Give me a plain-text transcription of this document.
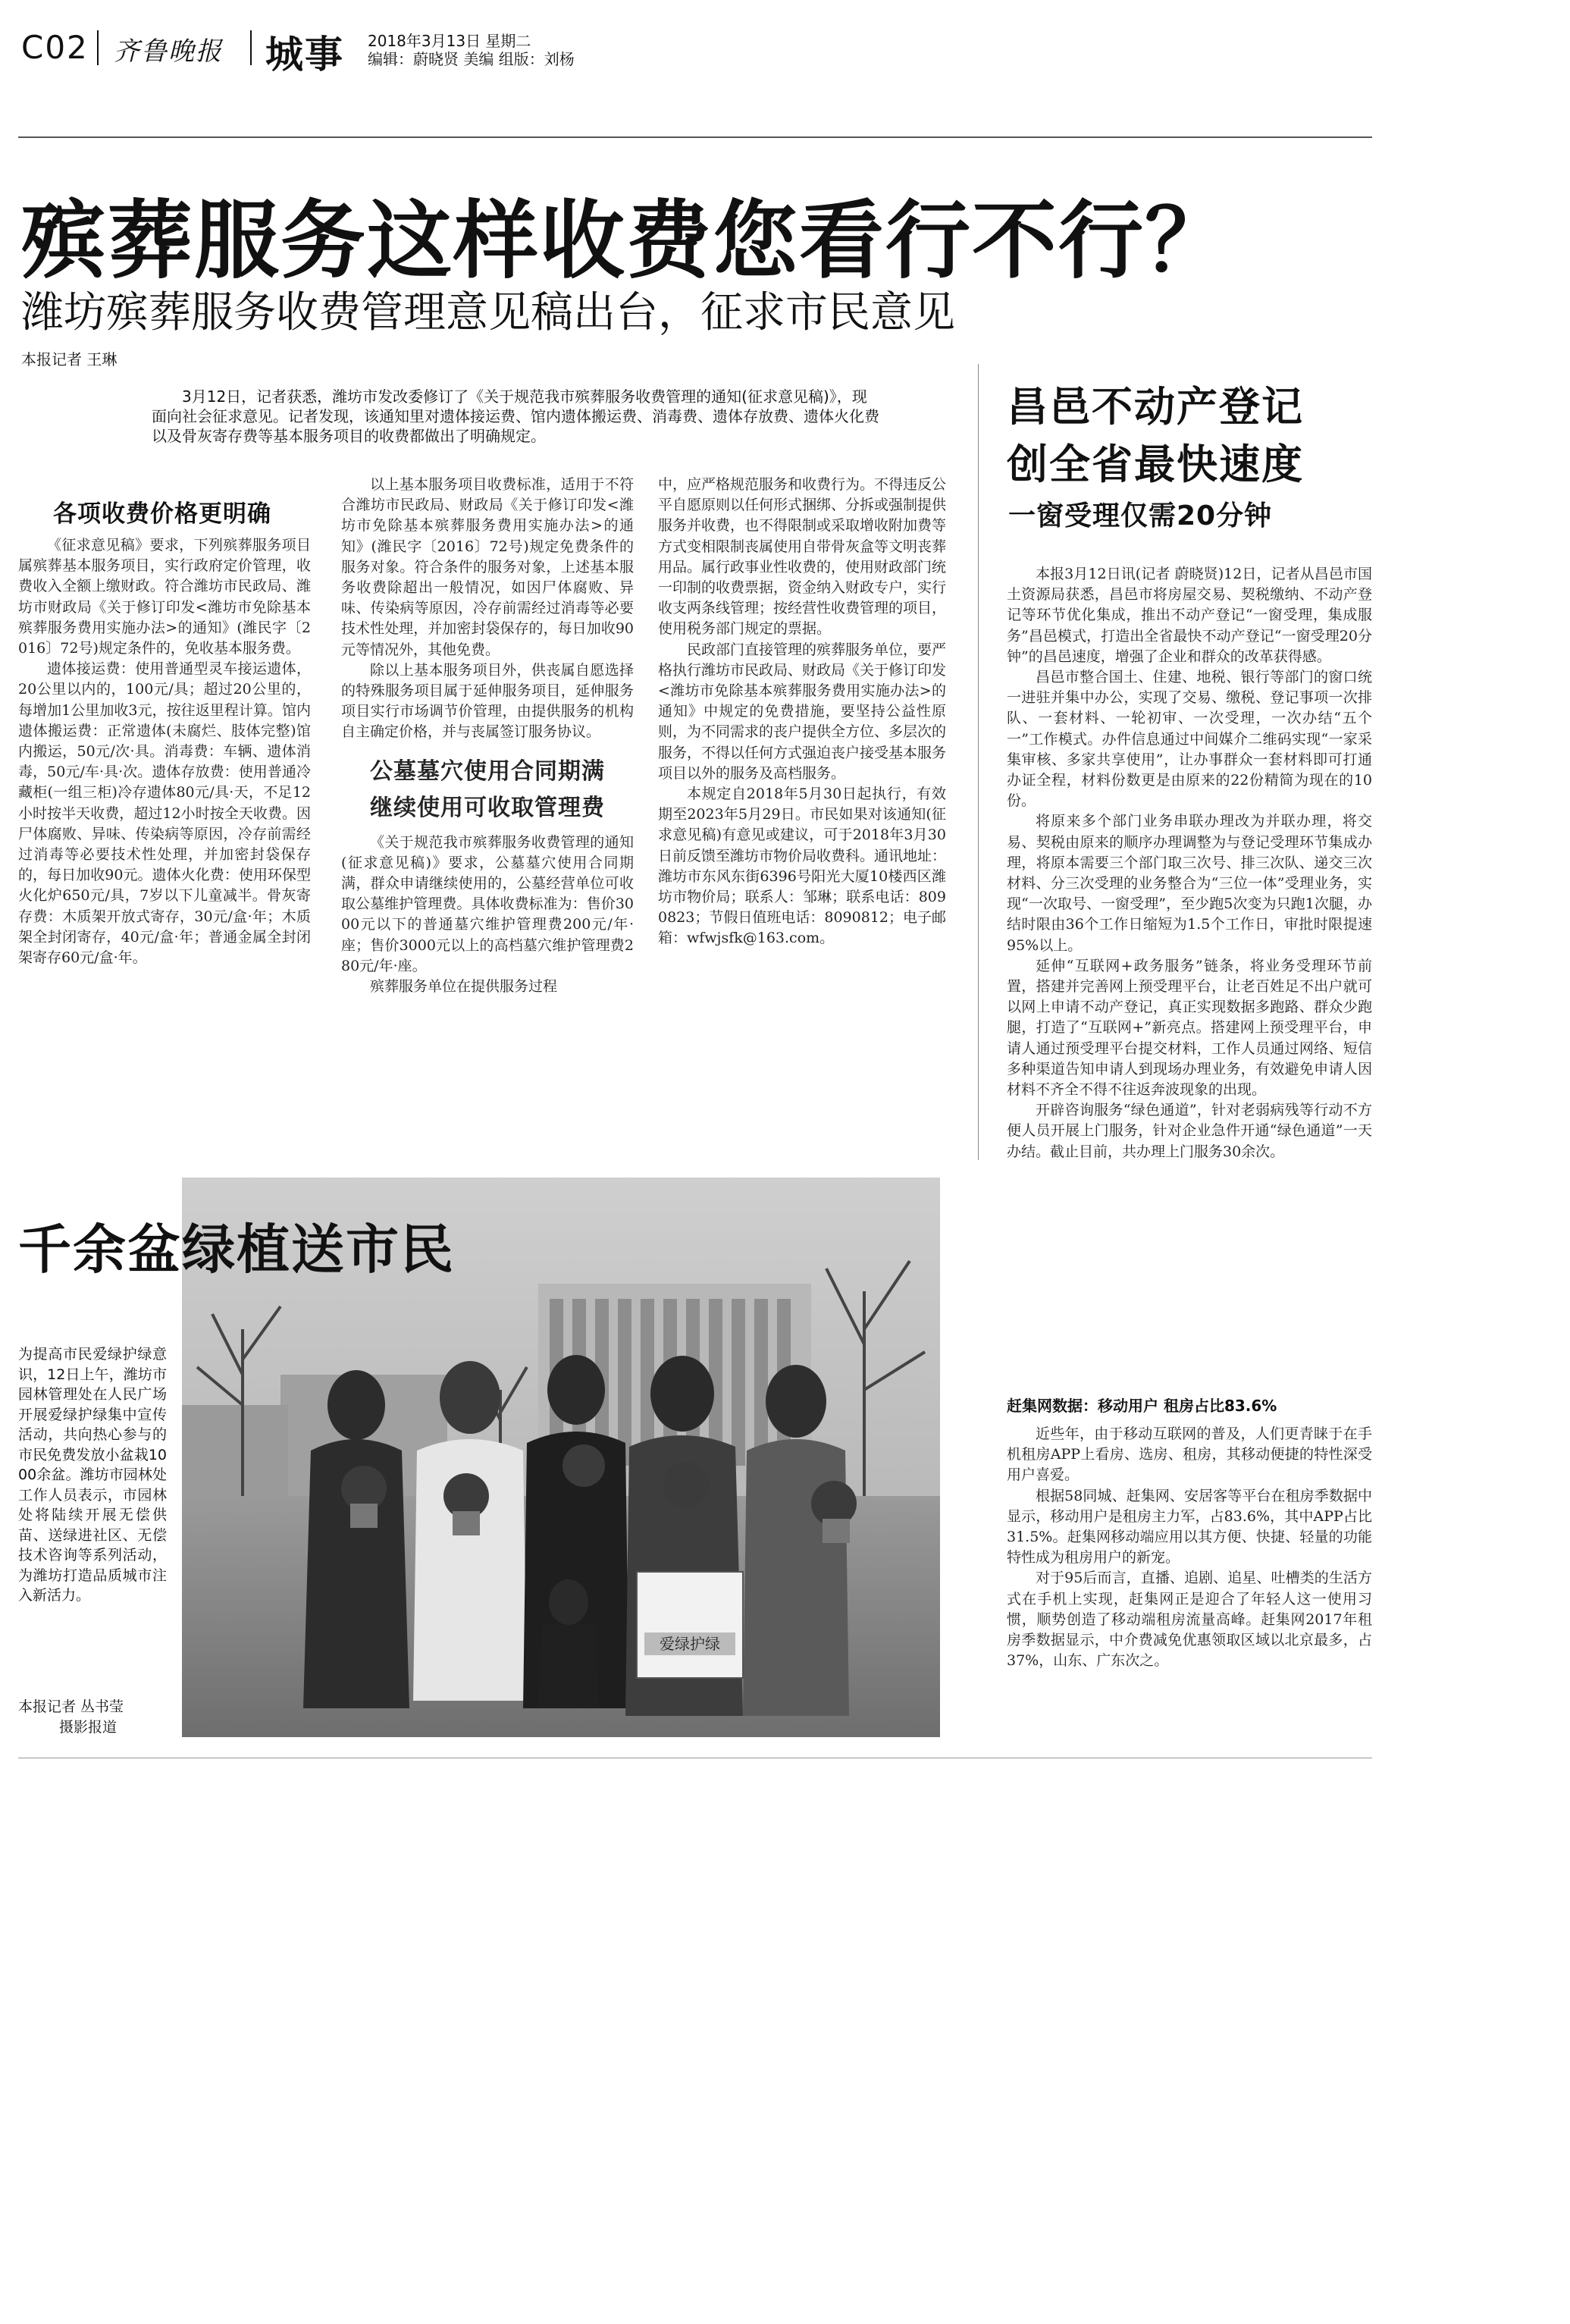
C02 齐鲁晚报 城事 2018年3月13日 星期二
编辑：蔚晓贤 美编 组版：刘杨
殡葬服务这样收费您看行不行？
潍坊殡葬服务收费管理意见稿出台，征求市民意见
本报记者 王琳
3月12日，记者获悉，潍坊市发改委修订了《关于规范我市殡葬服务收费管理的通知(征求意见稿)》，现面向社会征求意见。记者发现，该通知里对遗体接运费、馆内遗体搬运费、消毒费、遗体存放费、遗体火化费以及骨灰寄存费等基本服务项目的收费都做出了明确规定。
各项收费价格更明确

《征求意见稿》要求，下列殡葬服务项目属殡葬基本服务项目，实行政府定价管理，收费收入全额上缴财政。符合潍坊市民政局、潍坊市财政局《关于修订印发<潍坊市免除基本殡葬服务费用实施办法>的通知》(潍民字〔2016〕72号)规定条件的，免收基本服务费。

遗体接运费：使用普通型灵车接运遗体，20公里以内的，100元/具；超过20公里的，每增加1公里加收3元，按往返里程计算。馆内遗体搬运费：正常遗体(未腐烂、肢体完整)馆内搬运，50元/次·具。消毒费：车辆、遗体消毒，50元/车·具·次。遗体存放费：使用普通冷藏柜(一组三柜)冷存遗体80元/具·天，不足12小时按半天收费，超过12小时按全天收费。因尸体腐败、异味、传染病等原因，冷存前需经过消毒等必要技术性处理，并加密封袋保存的，每日加收90元。遗体火化费：使用环保型火化炉650元/具，7岁以下儿童减半。骨灰寄存费：木质架开放式寄存，30元/盒·年；木质架全封闭寄存，40元/盒·年；普通金属全封闭架寄存60元/盒·年。

以上基本服务项目收费标准，适用于不符合潍坊市民政局、财政局《关于修订印发<潍坊市免除基本殡葬服务费用实施办法>的通知》(潍民字〔2016〕72号)规定免费条件的服务对象。符合条件的服务对象，上述基本服务收费除超出一般情况，如因尸体腐败、异味、传染病等原因，冷存前需经过消毒等必要技术性处理，并加密封袋保存的，每日加收90元等情况外，其他免费。

除以上基本服务项目外，供丧属自愿选择的特殊服务项目属于延伸服务项目，延伸服务项目实行市场调节价管理，由提供服务的机构自主确定价格，并与丧属签订服务协议。

公墓墓穴使用合同期满
继续使用可收取管理费

《关于规范我市殡葬服务收费管理的通知(征求意见稿)》要求，公墓墓穴使用合同期满，群众申请继续使用的，公墓经营单位可收取公墓维护管理费。具体收费标准为：售价3000元以下的普通墓穴维护管理费200元/年·座；售价3000元以上的高档墓穴维护管理费280元/年·座。

殡葬服务单位在提供服务过程

中，应严格规范服务和收费行为。不得违反公平自愿原则以任何形式捆绑、分拆或强制提供服务并收费，也不得限制或采取增收附加费等方式变相限制丧属使用自带骨灰盒等文明丧葬用品。属行政事业性收费的，使用财政部门统一印制的收费票据，资金纳入财政专户，实行收支两条线管理；按经营性收费管理的项目，使用税务部门规定的票据。

民政部门直接管理的殡葬服务单位，要严格执行潍坊市民政局、财政局《关于修订印发<潍坊市免除基本殡葬服务费用实施办法>的通知》中规定的免费措施，要坚持公益性原则，为不同需求的丧户提供全方位、多层次的服务，不得以任何方式强迫丧户接受基本服务项目以外的服务及高档服务。

本规定自2018年5月30日起执行，有效期至2023年5月29日。市民如果对该通知(征求意见稿)有意见或建议，可于2018年3月30日前反馈至潍坊市物价局收费科。通讯地址：潍坊市东风东街6396号阳光大厦10楼西区潍坊市物价局；联系人：邹琳；联系电话：8090823；节假日值班电话：8090812；电子邮箱：wfwjsfk@163.com。

昌邑不动产登记
创全省最快速度
一窗受理仅需20分钟

本报3月12日讯(记者 蔚晓贤)12日，记者从昌邑市国土资源局获悉，昌邑市将房屋交易、契税缴纳、不动产登记等环节优化集成，推出不动产登记“一窗受理，集成服务”昌邑模式，打造出全省最快不动产登记“一窗受理20分钟”的昌邑速度，增强了企业和群众的改革获得感。

昌邑市整合国土、住建、地税、银行等部门的窗口统一进驻并集中办公，实现了交易、缴税、登记事项一次排队、一套材料、一轮初审、一次受理，一次办结“五个一”工作模式。办件信息通过中间媒介二维码实现“一家采集审核、多家共享使用”，让办事群众一套材料即可打通办证全程，材料份数更是由原来的22份精简为现在的10份。

将原来多个部门业务串联办理改为并联办理，将交易、契税由原来的顺序办理调整为与登记受理环节集成办理，将原本需要三个部门取三次号、排三次队、递交三次材料、分三次受理的业务整合为“三位一体”受理业务，实现“一次取号、一窗受理”，至少跑5次变为只跑1次腿，办结时限由36个工作日缩短为1.5个工作日，审批时限提速95%以上。

延伸“互联网+政务服务”链条，将业务受理环节前置，搭建并完善网上预受理平台，让老百姓足不出户就可以网上申请不动产登记，真正实现数据多跑路、群众少跑腿，打造了“互联网+”新亮点。搭建网上预受理平台，申请人通过预受理平台提交材料，工作人员通过网络、短信多种渠道告知申请人到现场办理业务，有效避免申请人因材料不齐全不得不往返奔波现象的出现。

开辟咨询服务“绿色通道”，针对老弱病残等行动不方便人员开展上门服务，针对企业急件开通“绿色通道”一天办结。截止目前，共办理上门服务30余次。

赶集网数据：移动用户 租房占比83.6%

近些年，由于移动互联网的普及，人们更青睐于在手机租房APP上看房、选房、租房，其移动便捷的特性深受用户喜爱。

根据58同城、赶集网、安居客等平台在租房季数据中显示，移动用户是租房主力军，占83.6%，其中APP占比31.5%。赶集网移动端应用以其方便、快捷、轻量的功能特性成为租房用户的新宠。

对于95后而言，直播、追剧、追星、吐槽类的生活方式在手机上实现，赶集网正是迎合了年轻人这一使用习惯，顺势创造了移动端租房流量高峰。赶集网2017年租房季数据显示，中介费减免优惠领取区域以北京最多，占37%，山东、广东次之。

千余盆绿植送市民
为提高市民爱绿护绿意识，12日上午，潍坊市园林管理处在人民广场开展爱绿护绿集中宣传活动，共向热心参与的市民免费发放小盆栽1000余盆。潍坊市园林处工作人员表示，市园林处将陆续开展无偿供苗、送绿进社区、无偿技术咨询等系列活动，为潍坊打造品质城市注入新活力。
本报记者 丛书莹
摄影报道
爱绿护绿
